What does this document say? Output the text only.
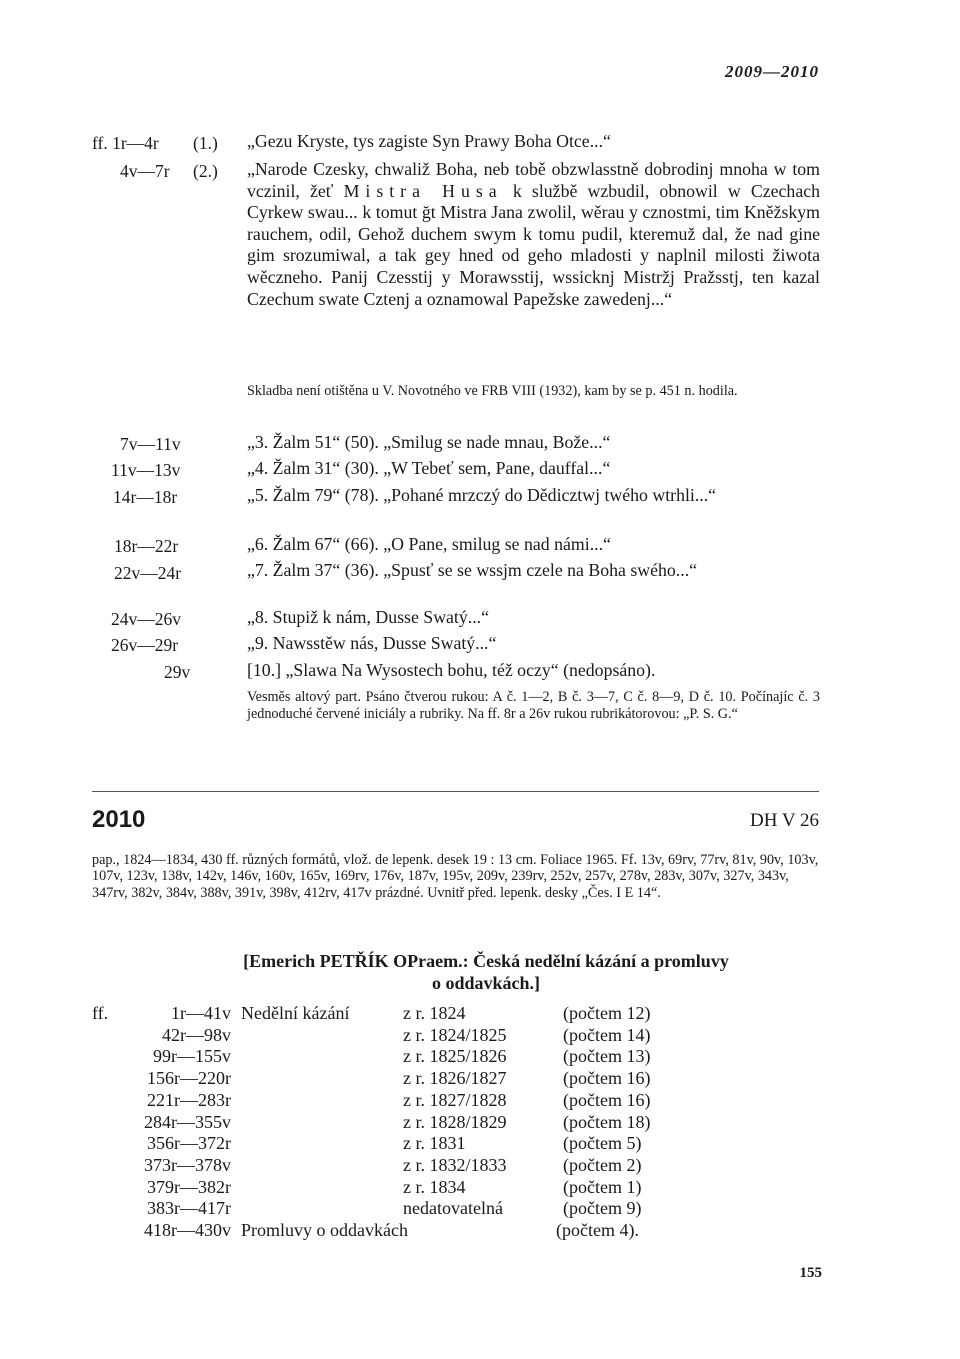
2009—2010
ff. 1r—4r (1.) „Gezu Kryste, tys zagiste Syn Prawy Boha Otce...“
4v—7r (2.) „Narode Czesky, chwaliž Boha, neb tobě obzwlasstně dobrodinj mnoha w tom vczinil, žeť Mistra Husa k službě wzbudil, obnowil w Czechach Cyrkew swau... k tomut ğt Mistra Jana zwolil, wěrau y cznostmi, tim Kněžskym rauchem, odil, Gehož duchem swym k tomu pudil, kteremuž dal, že nad gine gim srozumiwal, a tak gey hned od geho mladosti y naplnil milosti žiwota wěczneho. Panij Czesstij y Morawsstij, wssicknj Mistržj Pražsstj, ten kazal Czechum swate Cztenj a oznamowal Papežske zawedenj...“
Skladba není otištěna u V. Novotného ve FRB VIII (1932), kam by se p. 451 n. hodila.
7v—11v	„3. Žalm 51“ (50). „Smilug se nade mnau, Bože...“
11v—13v	„4. Žalm 31“ (30). „W Tebeť sem, Pane, dauffal...“
14r—18r	„5. Žalm 79“ (78). „Pohané mrzczý do Dědicztwj twého wtrhli...“
18r—22r	„6. Žalm 67“ (66). „O Pane, smilug se nad námi...“
22v—24r	„7. Žalm 37“ (36). „Spusť se se wssjm czele na Boha swého...“
24v—26v	„8. Stupiž k nám, Dusse Swatý...“
26v—29r	„9. Nawsstěw nás, Dusse Swatý...“
29v	[10.] „Slawa Na Wysostech bohu, též oczy“ (nedopsáno).
Vesměs altový part. Psáno čtverou rukou: A č. 1—2, B č. 3—7, C č. 8—9, D č. 10. Počínajíc č. 3 jednoduché červené iniciály a rubriky. Na ff. 8r a 26v rukou rubrikátorovou: „P. S. G.“
2010	DH V 26
pap., 1824—1834, 430 ff. různých formátů, vlož. de lepenk. desek 19 : 13 cm. Foliace 1965. Ff. 13v, 69rv, 77rv, 81v, 90v, 103v, 107v, 123v, 138v, 142v, 146v, 160v, 165v, 169rv, 176v, 187v, 195v, 209v, 239rv, 252v, 257v, 278v, 283v, 307v, 327v, 343v, 347rv, 382v, 384v, 388v, 391v, 398v, 412rv, 417v prázdné. Uvnitř před. lepenk. desky „Čes. I E 14“.
[Emerich PETŘÍK OPraem.: Česká nedělní kázání a promluvy
o oddavkách.]
ff.	1r—41v Nedělní kázání	z r. 1824	(počtem 12)
42r—98v	z r. 1824/1825	(počtem 14)
99r—155v	z r. 1825/1826	(počtem 13)
156r—220r	z r. 1826/1827	(počtem 16)
221r—283r	z r. 1827/1828	(počtem 16)
284r—355v	z r. 1828/1829	(počtem 18)
356r—372r	z r. 1831	(počtem 5)
373r—378v	z r. 1832/1833	(počtem 2)
379r—382r	z r. 1834	(počtem 1)
383r—417r	nedatovatelná	(počtem 9)
418r—430v Promluvy o oddavkách	(počtem 4).
155
